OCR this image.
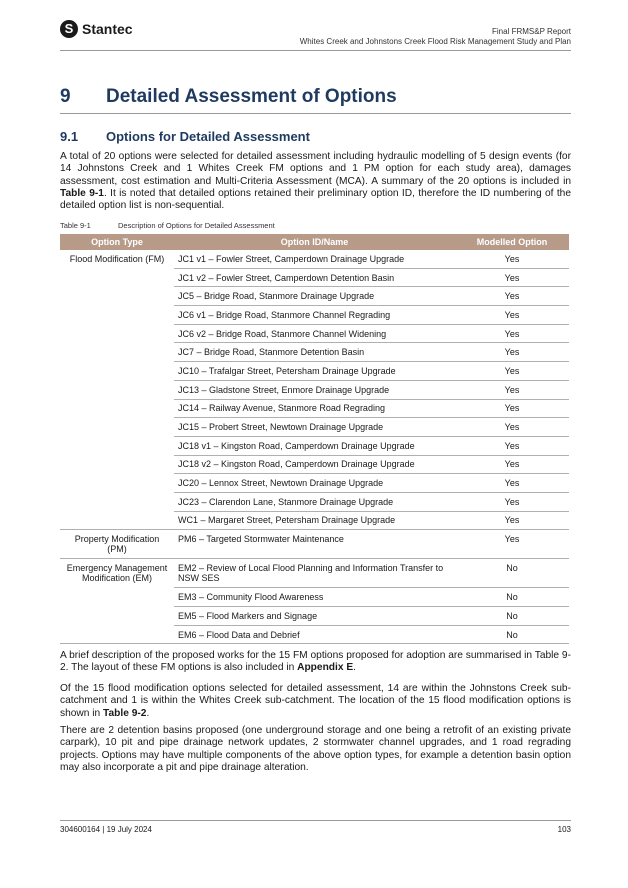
S Stantec	Final FRMS&P Report
Whites Creek and Johnstons Creek Flood Risk Management Study and Plan
9 Detailed Assessment of Options
9.1 Options for Detailed Assessment
A total of 20 options were selected for detailed assessment including hydraulic modelling of 5 design events (for 14 Johnstons Creek and 1 Whites Creek FM options and 1 PM option for each study area), damages assessment, cost estimation and Multi-Criteria Assessment (MCA). A summary of the 20 options is included in Table 9-1. It is noted that detailed options retained their preliminary option ID, therefore the ID numbering of the detailed option list is non-sequential.
Table 9-1	Description of Options for Detailed Assessment
Option Type	Option ID/Name	Modelled Option
Flood Modification (FM)	JC1 v1 – Fowler Street, Camperdown Drainage Upgrade	Yes
	JC1 v2 – Fowler Street, Camperdown Detention Basin	Yes
	JC5 – Bridge Road, Stanmore Drainage Upgrade	Yes
	JC6 v1 – Bridge Road, Stanmore Channel Regrading	Yes
	JC6 v2 – Bridge Road, Stanmore Channel Widening	Yes
	JC7 – Bridge Road, Stanmore Detention Basin	Yes
	JC10 – Trafalgar Street, Petersham Drainage Upgrade	Yes
	JC13 – Gladstone Street, Enmore Drainage Upgrade	Yes
	JC14 – Railway Avenue, Stanmore Road Regrading	Yes
	JC15 – Probert Street, Newtown Drainage Upgrade	Yes
	JC18 v1 – Kingston Road, Camperdown Drainage Upgrade	Yes
	JC18 v2 – Kingston Road, Camperdown Drainage Upgrade	Yes
	JC20 – Lennox Street, Newtown Drainage Upgrade	Yes
	JC23 – Clarendon Lane, Stanmore Drainage Upgrade	Yes
	WC1 – Margaret Street, Petersham Drainage Upgrade	Yes
Property Modification (PM)	PM6 – Targeted Stormwater Maintenance	Yes
Emergency Management Modification (EM)	EM2 – Review of Local Flood Planning and Information Transfer to NSW SES	No
	EM3 – Community Flood Awareness	No
	EM5 – Flood Markers and Signage	No
	EM6 – Flood Data and Debrief	No
A brief description of the proposed works for the 15 FM options proposed for adoption are summarised in Table 9-2. The layout of these FM options is also included in Appendix E.
Of the 15 flood modification options selected for detailed assessment, 14 are within the Johnstons Creek sub-catchment and 1 is within the Whites Creek sub-catchment. The location of the 15 flood modification options is shown in Table 9-2.
There are 2 detention basins proposed (one underground storage and one being a retrofit of an existing private carpark), 10 pit and pipe drainage network updates, 2 stormwater channel upgrades, and 1 road regrading projects. Options may have multiple components of the above option types, for example a detention basin option may also incorporate a pit and pipe drainage alteration.
304600164 | 19 July 2024	103
